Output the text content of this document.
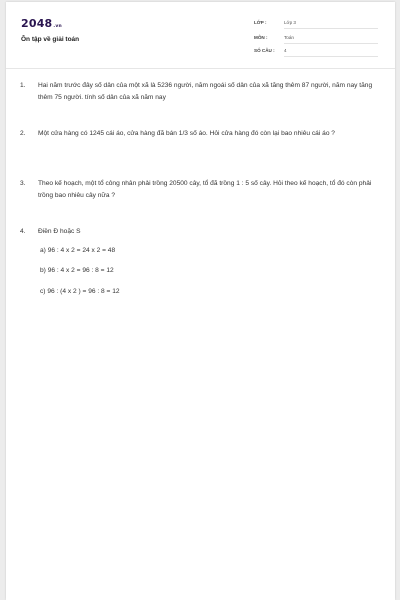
2048.vn
Ôn tập về giải toán
LỚP :	Lớp 3
MÔN :	Toán
SỐ CÂU : 4
1. Hai năm trước đây số dân của một xã là 5236 người, năm ngoái số dân của xã tăng thêm 87 người, năm nay tăng thêm 75 người. tính số dân của xã năm nay
2. Một cửa hàng có 1245 cái áo, cửa hàng đã bán 1/3 số áo. Hỏi cửa hàng đó còn lại bao nhiêu cái áo ?
3. Theo kế hoạch, một tổ công nhân phải trồng 20500 cây, tổ đã trồng 1 : 5 số cây. Hỏi theo kế hoạch, tổ đó còn phải trồng bao nhiêu cây nữa ?
4. Điền Đ hoặc S
a) 96 : 4 x 2 = 24 x 2 = 48
b) 96 : 4 x 2 = 96 : 8 = 12
c) 96 : (4 x 2 ) = 96 : 8 = 12
